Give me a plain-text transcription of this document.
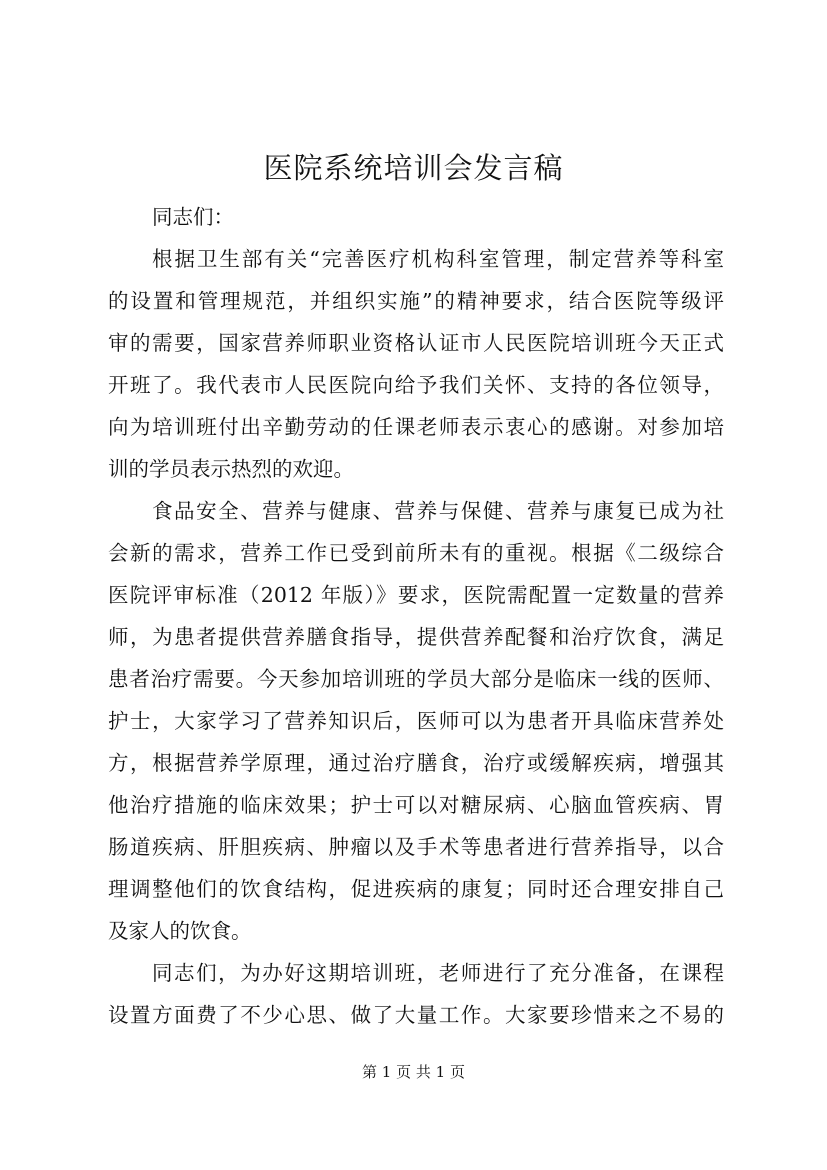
医院系统培训会发言稿
同志们：
根据卫生部有关“完善医疗机构科室管理，制定营养等科室
的设置和管理规范，并组织实施”的精神要求，结合医院等级评
审的需要，国家营养师职业资格认证市人民医院培训班今天正式
开班了。我代表市人民医院向给予我们关怀、支持的各位领导，
向为培训班付出辛勤劳动的任课老师表示衷心的感谢。对参加培
训的学员表示热烈的欢迎。
食品安全、营养与健康、营养与保健、营养与康复已成为社
会新的需求，营养工作已受到前所未有的重视。根据《二级综合
医院评审标准（2012 年版）》要求，医院需配置一定数量的营养
师，为患者提供营养膳食指导，提供营养配餐和治疗饮食，满足
患者治疗需要。今天参加培训班的学员大部分是临床一线的医师、
护士，大家学习了营养知识后，医师可以为患者开具临床营养处
方，根据营养学原理，通过治疗膳食，治疗或缓解疾病，增强其
他治疗措施的临床效果；护士可以对糖尿病、心脑血管疾病、胃
肠道疾病、肝胆疾病、肿瘤以及手术等患者进行营养指导，以合
理调整他们的饮食结构，促进疾病的康复；同时还合理安排自己
及家人的饮食。
同志们，为办好这期培训班，老师进行了充分准备，在课程
设置方面费了不少心思、做了大量工作。大家要珍惜来之不易的
第 1 页 共 1 页
